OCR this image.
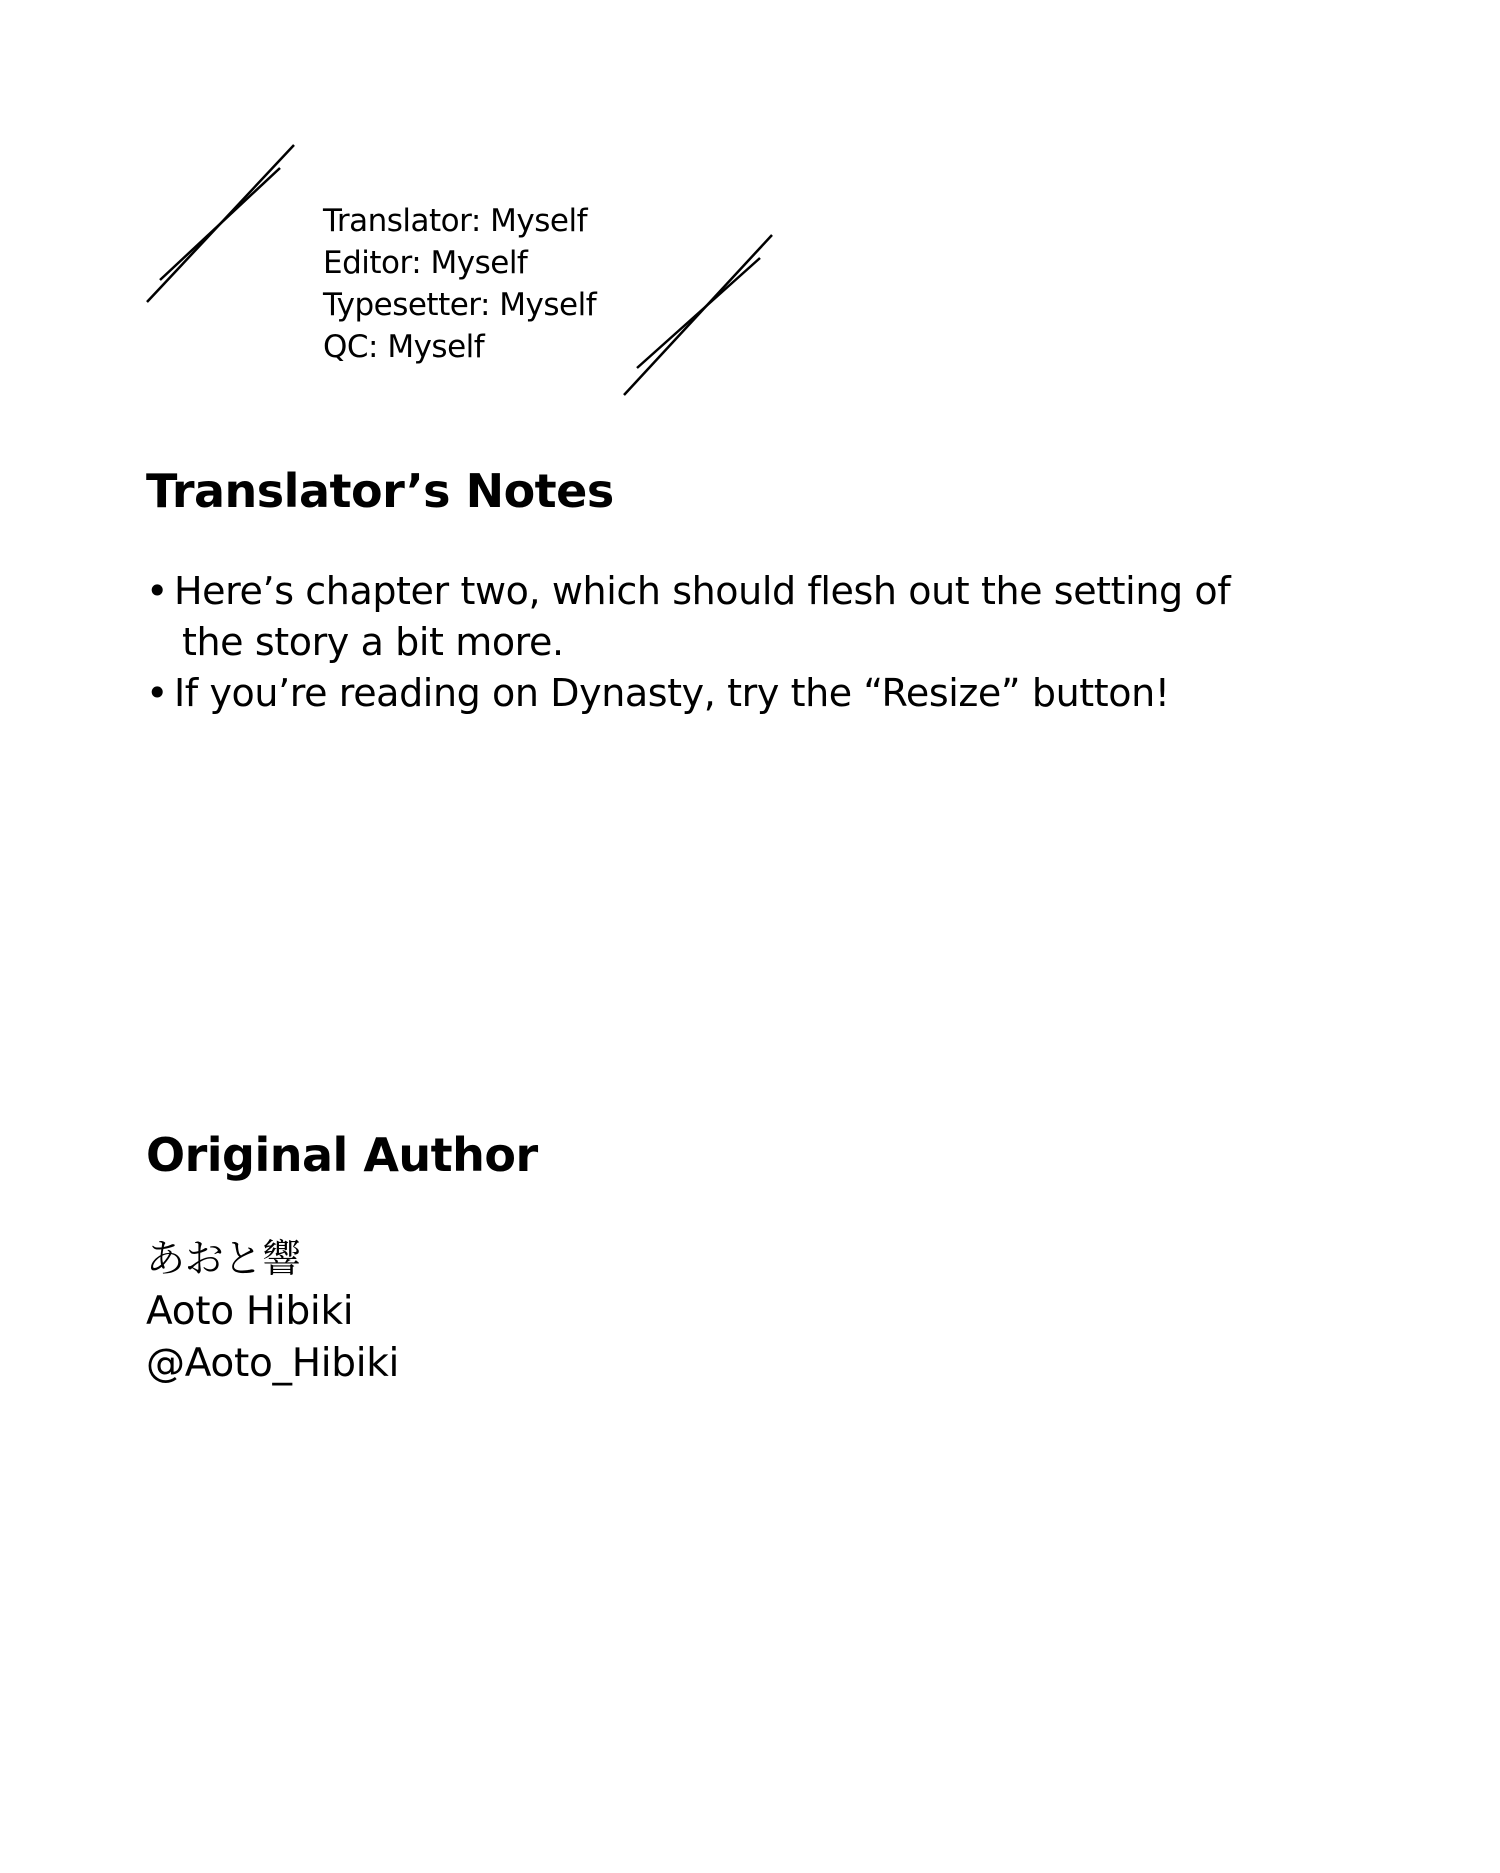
Translator: Myself
Editor: Myself
Typesetter: Myself
QC: Myself
Translator’s Notes
• Here’s chapter two, which should flesh out the setting of
the story a bit more.
• If you’re reading on Dynasty, try the “Resize” button!
Original Author
あおと響
Aoto Hibiki
@Aoto_Hibiki
